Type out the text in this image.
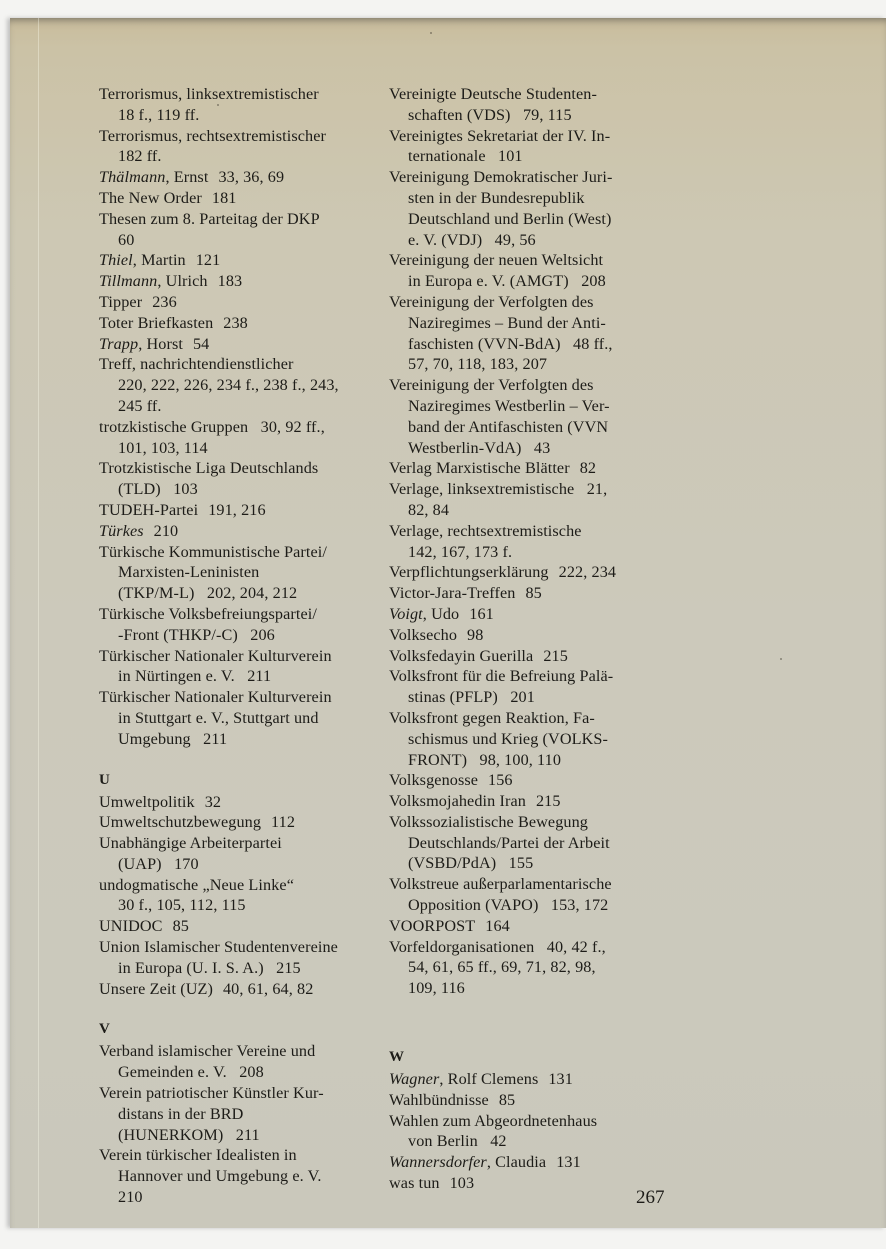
Terrorismus, linksextremistischer
18 f., 119 ff.

Terrorismus, rechtsextremistischer
182 ff.

Thälmann, Ernst 33, 36, 69

The New Order 181

Thesen zum 8. Parteitag der DKP
60

Thiel, Martin 121

Tillmann, Ulrich 183

Tipper 236

Toter Briefkasten 238

Trapp, Horst 54

Treff, nachrichtendienstlicher
220, 222, 226, 234 f., 238 f., 243,
245 ff.

trotzkistische Gruppen   30, 92 ff.,
101, 103, 114

Trotzkistische Liga Deutschlands
(TLD)   103

TUDEH-Partei 191, 216

Türkes 210

Türkische Kommunistische Partei/
Marxisten-Leninisten
(TKP/M-L)   202, 204, 212

Türkische Volksbefreiungspartei/
-Front (THKP/-C)   206

Türkischer Nationaler Kulturverein
in Nürtingen e. V.   211

Türkischer Nationaler Kulturverein
in Stuttgart e. V., Stuttgart und
Umgebung   211

U

Umweltpolitik 32

Umweltschutzbewegung 112

Unabhängige Arbeiterpartei
(UAP)   170

undogmatische „Neue Linke“
30 f., 105, 112, 115

UNIDOC 85

Union Islamischer Studentenvereine
in Europa (U. I. S. A.)   215

Unsere Zeit (UZ) 40, 61, 64, 82

V

Verband islamischer Vereine und
Gemeinden e. V.   208

Verein patriotischer Künstler Kur-
distans in der BRD
(HUNERKOM)   211

Verein türkischer Idealisten in
Hannover und Umgebung e. V.
210

Vereinigte Deutsche Studenten-
schaften (VDS)   79, 115

Vereinigtes Sekretariat der IV. In-
ternationale   101

Vereinigung Demokratischer Juri-
sten in der Bundesrepublik
Deutschland und Berlin (West)
e. V. (VDJ)   49, 56

Vereinigung der neuen Weltsicht
in Europa e. V. (AMGT)   208

Vereinigung der Verfolgten des
Naziregimes – Bund der Anti-
faschisten (VVN-BdA)   48 ff.,
57, 70, 118, 183, 207

Vereinigung der Verfolgten des
Naziregimes Westberlin – Ver-
band der Antifaschisten (VVN
Westberlin-VdA)   43

Verlag Marxistische Blätter 82

Verlage, linksextremistische   21,
82, 84

Verlage, rechtsextremistische
142, 167, 173 f.

Verpflichtungserklärung 222, 234

Victor-Jara-Treffen 85

Voigt, Udo 161

Volksecho 98

Volksfedayin Guerilla 215

Volksfront für die Befreiung Palä-
stinas (PFLP)   201

Volksfront gegen Reaktion, Fa-
schismus und Krieg (VOLKS-
FRONT)   98, 100, 110

Volksgenosse 156

Volksmojahedin Iran 215

Volkssozialistische Bewegung
Deutschlands/Partei der Arbeit
(VSBD/PdA)   155

Volkstreue außerparlamentarische
Opposition (VAPO)   153, 172

VOORPOST 164

Vorfeldorganisationen   40, 42 f.,
54, 61, 65 ff., 69, 71, 82, 98,
109, 116

W

Wagner, Rolf Clemens 131

Wahlbündnisse 85

Wahlen zum Abgeordnetenhaus
von Berlin   42

Wannersdorfer, Claudia 131

was tun 103

267
